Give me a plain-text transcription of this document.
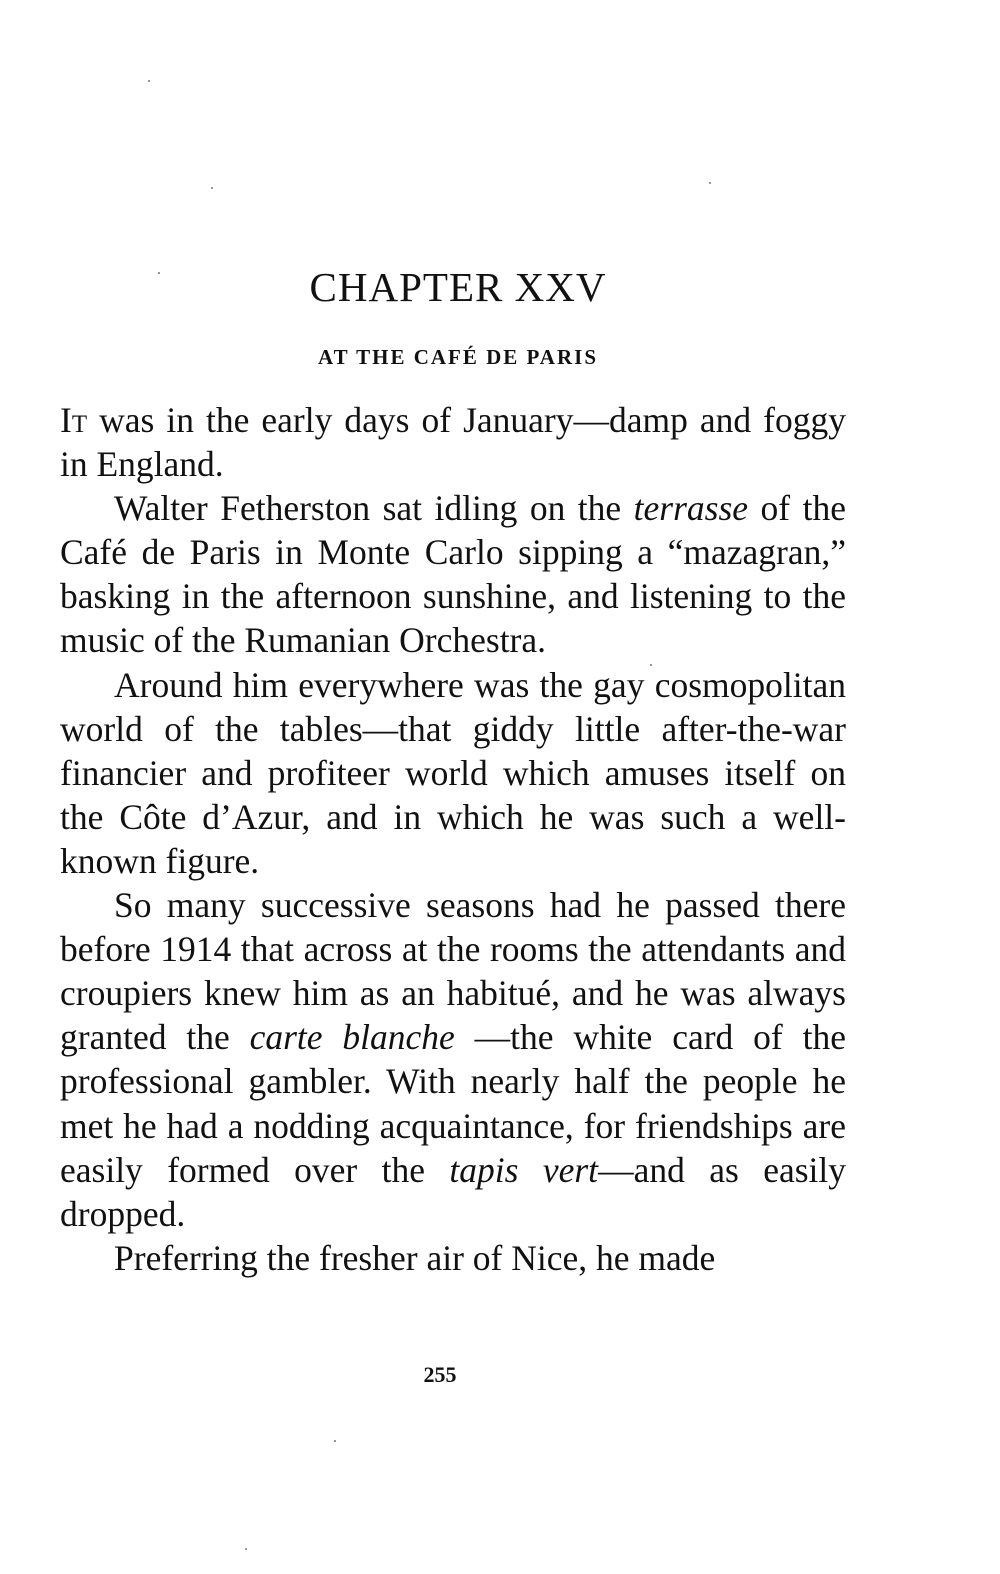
CHAPTER XXV
AT THE CAFÉ DE PARIS

It was in the early days of January—damp and foggy in England.

Walter Fetherston sat idling on the terrasse of the Café de Paris in Monte Carlo sipping a “mazagran,” basking in the afternoon sunshine, and listening to the music of the Rumanian Orchestra.

Around him everywhere was the gay cosmopolitan world of the tables—that giddy little after-the-war financier and profiteer world which amuses itself on the Côte d’Azur, and in which he was such a well-known figure.

So many successive seasons had he passed there before 1914 that across at the rooms the attendants and croupiers knew him as an habitué, and he was always granted the carte blanche —the white card of the professional gambler. With nearly half the people he met he had a nodding acquaintance, for friendships are easily formed over the tapis vert—and as easily dropped.

Preferring the fresher air of Nice, he made

255
